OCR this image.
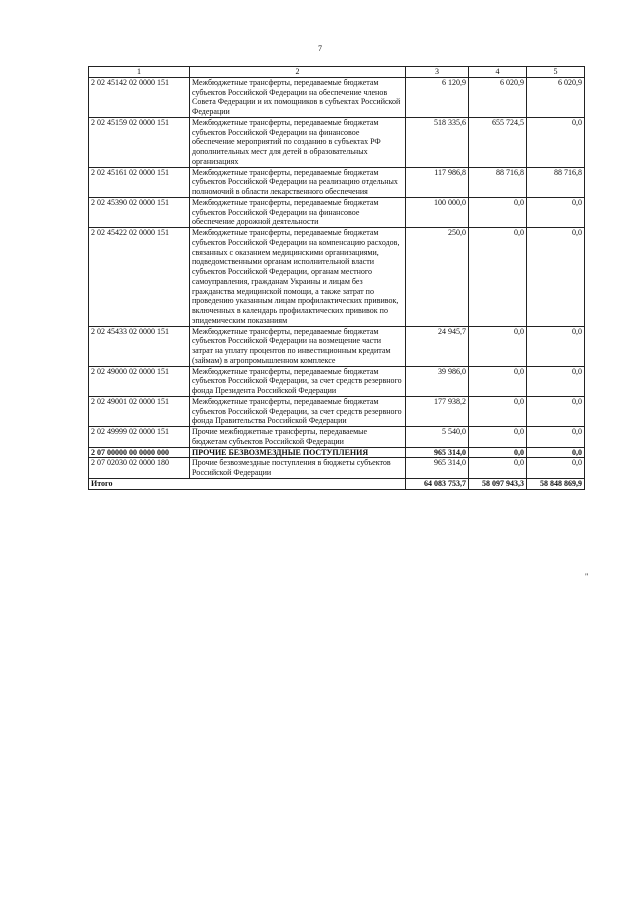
7
1	2	3	4	5
2 02 45142 02 0000 151	Межбюджетные трансферты, передаваемые бюджетам субъектов Российской Федерации на обеспечение членов Совета Федерации и их помощников в субъектах Российской Федерации	6 120,9	6 020,9	6 020,9
2 02 45159 02 0000 151	Межбюджетные трансферты, передаваемые бюджетам субъектов Российской Федерации на финансовое обеспечение мероприятий по созданию в субъектах РФ дополнительных мест для детей в образовательных организациях	518 335,6	655 724,5	0,0
2 02 45161 02 0000 151	Межбюджетные трансферты, передаваемые бюджетам субъектов Российской Федерации на реализацию отдельных полномочий в области лекарственного обеспечения	117 986,8	88 716,8	88 716,8
2 02 45390 02 0000 151	Межбюджетные трансферты, передаваемые бюджетам субъектов Российской Федерации на финансовое обеспечение дорожной деятельности	100 000,0	0,0	0,0
2 02 45422 02 0000 151	Межбюджетные трансферты, передаваемые бюджетам субъектов Российской Федерации на компенсацию расходов, связанных с оказанием медицинскими организациями, подведомственными органам исполнительной власти субъектов Российской Федерации, органам местного самоуправления, гражданам Украины и лицам без гражданства медицинской помощи, а также затрат по проведению указанным лицам профилактических прививок, включенных в календарь профилактических прививок по эпидемическим показаниям	250,0	0,0	0,0
2 02 45433 02 0000 151	Межбюджетные трансферты, передаваемые бюджетам субъектов Российской Федерации на возмещение части затрат на уплату процентов по инвестиционным кредитам (займам) в агропромышленном комплексе	24 945,7	0,0	0,0
2 02 49000 02 0000 151	Межбюджетные трансферты, передаваемые бюджетам субъектов Российской Федерации, за счет средств резервного фонда Президента Российской Федерации	39 986,0	0,0	0,0
2 02 49001 02 0000 151	Межбюджетные трансферты, передаваемые бюджетам субъектов Российской Федерации, за счет средств резервного фонда Правительства Российской Федерации	177 938,2	0,0	0,0
2 02 49999 02 0000 151	Прочие межбюджетные трансферты, передаваемые бюджетам субъектов Российской Федерации	5 540,0	0,0	0,0
2 07 00000 00 0000 000	ПРОЧИЕ БЕЗВОЗМЕЗДНЫЕ ПОСТУПЛЕНИЯ	965 314,0	0,0	0,0
2 07 02030 02 0000 180	Прочие безвозмездные поступления в бюджеты субъектов Российской Федерации	965 314,0	0,0	0,0
Итого		64 083 753,7	58 097 943,3	58 848 869,9
"
